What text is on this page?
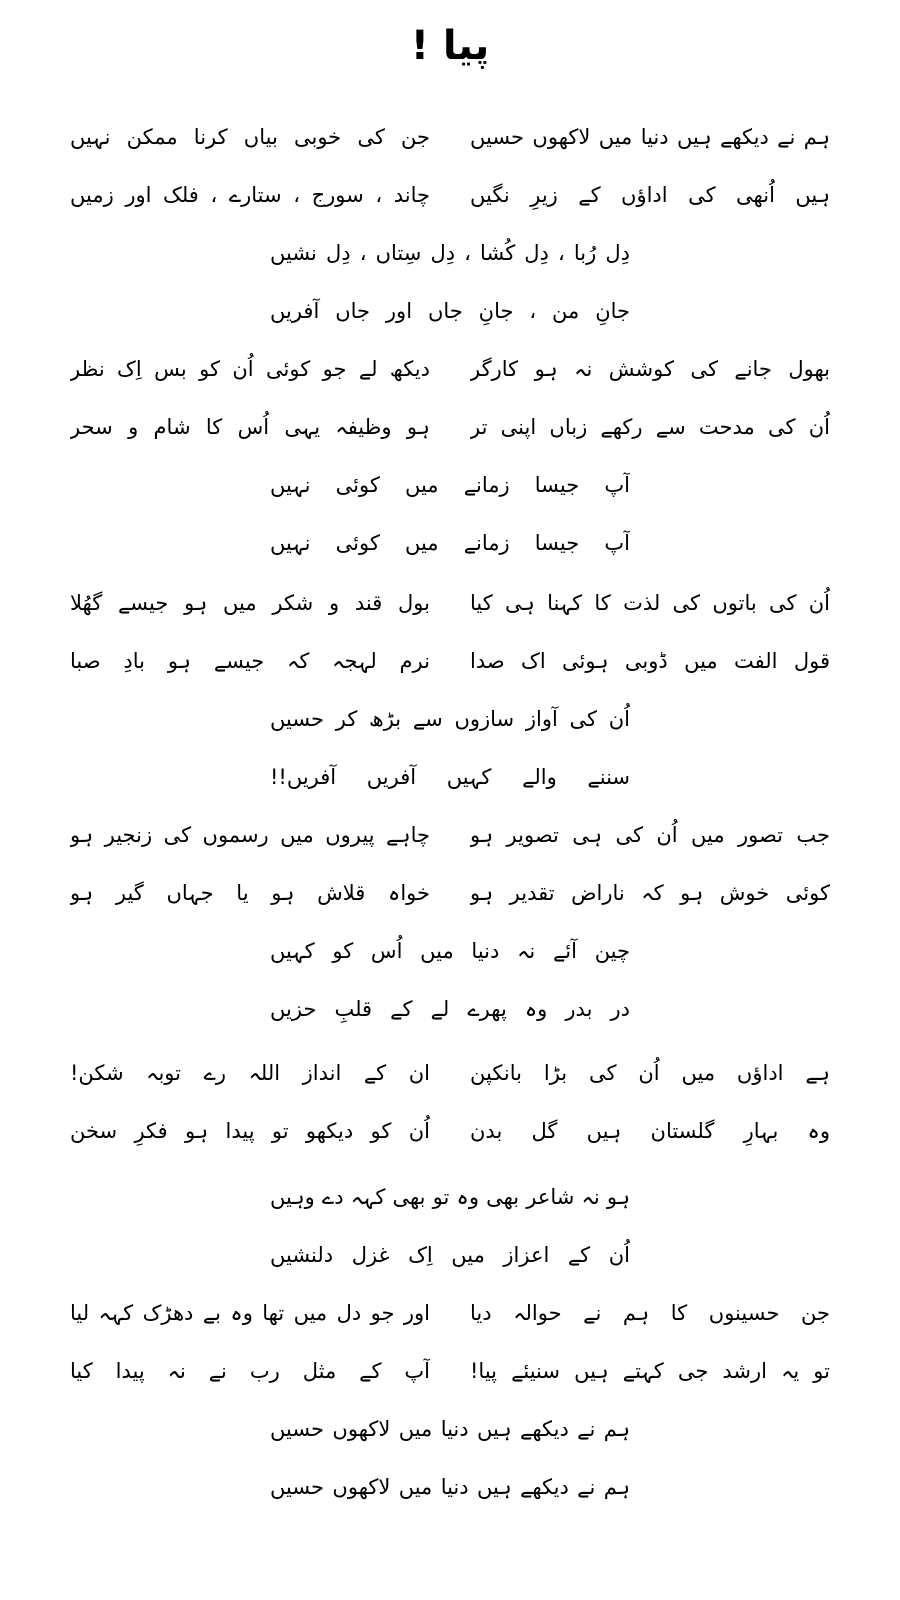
پیا !
ہم نے دیکھے ہیں دنیا میں لاکھوں حسیں
جن کی خوبی بیاں کرنا ممکن نہیں
ہیں اُنھی کی اداؤں کے زیرِ نگیں
چاند ، سورج ، ستارے ، فلک اور زمیں
دِل رُبا ، دِل کُشا ، دِل سِتاں ، دِل نشیں
جانِ من ، جانِ جاں اور جاں آفریں
بھول جانے کی کوشش نہ ہو کارگر
دیکھ لے جو کوئی اُن کو بس اِک نظر
اُن کی مدحت سے رکھے زباں اپنی تر
ہو وظیفہ یہی اُس کا شام و سحر
آپ جیسا زمانے میں کوئی نہیں
آپ جیسا زمانے میں کوئی نہیں
اُن کی باتوں کی لذت کا کہنا ہی کیا
بول قند و شکر میں ہو جیسے گھُلا
قول الفت میں ڈوبی ہوئی اک صدا
نرم لہجہ کہ جیسے ہو بادِ صبا
اُن کی آواز سازوں سے بڑھ کر حسیں
سننے والے کہیں آفریں آفریں!!
جب تصور میں اُن کی ہی تصویر ہو
چاہے پیروں میں رسموں کی زنجیر ہو
کوئی خوش ہو کہ ناراض تقدیر ہو
خواہ قلاش ہو یا جہاں گیر ہو
چین آئے نہ دنیا میں اُس کو کہیں
در بدر وہ پھرے لے کے قلبِ حزیں
ہے اداؤں میں اُن کی بڑا بانکپن
ان کے انداز اللہ رے توبہ شکن!
وہ بہارِ گلستان ہیں گل بدن
اُن کو دیکھو تو پیدا ہو فکرِ سخن
ہو نہ شاعر بھی وہ تو بھی کہہ دے وہیں
اُن کے اعزاز میں اِک غزل دلنشیں
جن حسینوں کا ہم نے حوالہ دیا
اور جو دل میں تھا وہ بے دھڑک کہہ لیا
تو یہ ارشد جی کہتے ہیں سنیئے پیا!
آپ کے مثل رب نے نہ پیدا کیا
ہم نے دیکھے ہیں دنیا میں لاکھوں حسیں
ہم نے دیکھے ہیں دنیا میں لاکھوں حسیں
